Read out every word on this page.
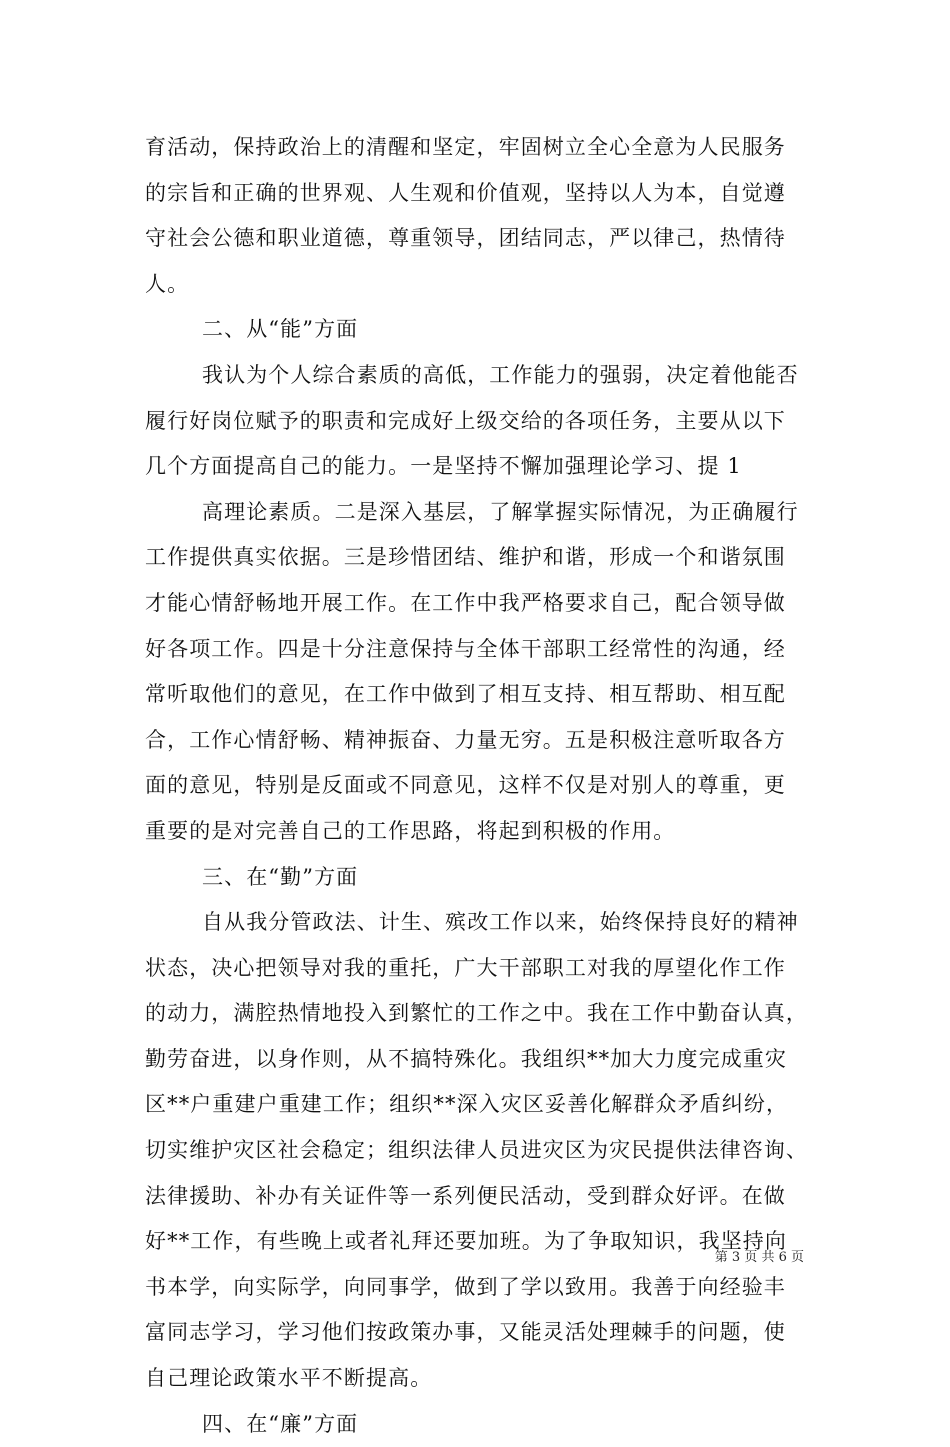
育活动，保持政治上的清醒和坚定，牢固树立全心全意为人民服务
的宗旨和正确的世界观、人生观和价值观，坚持以人为本，自觉遵
守社会公德和职业道德，尊重领导，团结同志，严以律己，热情待
人。
二、从“能”方面
我认为个人综合素质的高低，工作能力的强弱，决定着他能否
履行好岗位赋予的职责和完成好上级交给的各项任务，主要从以下
几个方面提高自己的能力。一是坚持不懈加强理论学习、提 1
高理论素质。二是深入基层，了解掌握实际情况，为正确履行
工作提供真实依据。三是珍惜团结、维护和谐，形成一个和谐氛围
才能心情舒畅地开展工作。在工作中我严格要求自己，配合领导做
好各项工作。四是十分注意保持与全体干部职工经常性的沟通，经
常听取他们的意见，在工作中做到了相互支持、相互帮助、相互配
合，工作心情舒畅、精神振奋、力量无穷。五是积极注意听取各方
面的意见，特别是反面或不同意见，这样不仅是对别人的尊重，更
重要的是对完善自己的工作思路，将起到积极的作用。
三、在“勤”方面
自从我分管政法、计生、殡改工作以来，始终保持良好的精神
状态，决心把领导对我的重托，广大干部职工对我的厚望化作工作
的动力，满腔热情地投入到繁忙的工作之中。我在工作中勤奋认真，
勤劳奋进，以身作则，从不搞特殊化。我组织**加大力度完成重灾
区**户重建户重建工作；组织**深入灾区妥善化解群众矛盾纠纷，
切实维护灾区社会稳定；组织法律人员进灾区为灾民提供法律咨询、
法律援助、补办有关证件等一系列便民活动，受到群众好评。在做
好**工作，有些晚上或者礼拜还要加班。为了争取知识，我坚持向
书本学，向实际学，向同事学，做到了学以致用。我善于向经验丰
富同志学习，学习他们按政策办事，又能灵活处理棘手的问题，使
自己理论政策水平不断提高。
四、在“廉”方面
第 3 页 共 6 页
